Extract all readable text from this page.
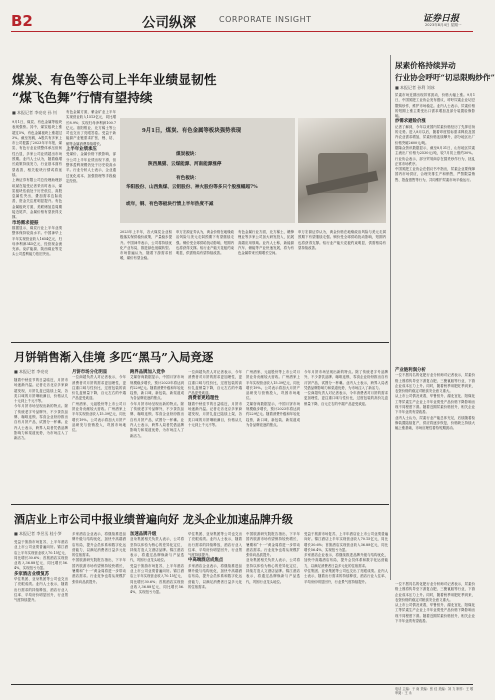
B2	公司纵深	CORPORATE INSIGHT	证券日报
2023年8月4日 星期一
煤炭、有色等公司上半年业绩显韧性
“煤飞色舞”行情有望持续
■ 本报记者 李亮亮 孙 钊
9月1日，煤炭、有色金属等板块表现强势。其中，煤炭板块上涨超过5%，有色金属板块上涨超过3%。截至发稿，A股共有多家上市公司披露了2023年半年报，煤炭、有色行业业绩整体承压但韧性凸显，多家公司业绩超出市场预期。业内人士认为，随着稳增长政策持续发力，行业基本面有望改善，相关板块行情或将延续。
上海证券有限公司总经理助理彭坦斌在接受记者采访时表示，煤炭板块估值处于历史低位，高股息属性突出，叠加需求边际改善，资金关注度明显提升。有色金属板块方面，美联储加息周期接近尾声，金属价格有望获得支撑。
市场需求提振
数据显示，煤炭行业上半年业绩整体保持较高水平。中国神华上半年实现营业收入1654亿元，归母净利润345亿元，经营现金流充沛。兖矿能源、陕西煤业等龙头公司盈利能力依旧突出。
有色金属方面，紫金矿业上半年实现营业收入1513亿元，同比增长8.9%；实现归母净利润100.7亿元。洛阳钼业、北方稀土等公司也交出了亮眼答卷。受益于新能源产业链需求扩张，锂、钴、铜等金属消费持续增长。
上半年业绩承压
受煤价、金属价格下跌影响，部分公司上半年业绩出现下滑，但整体盈利规模仍处于历史较高水平。行业分析人士表示，企业通过优化成本、加强管理等手段稳定经营。
9月1日，煤炭、有色金属等板块强势表现
煤炭板块：
陕西黑猫、云煤能源、河南能源涨停
有色板块：
华阳股份、山西焦煤、云铝股份、神火股份等多只个股涨幅超7%
或年，铜、有色等板块行情上半年热度不减
2023年上半年，各大煤炭企业积极落实保供稳价政策，产量稳步提升。中国神华表示，公司将持续优化产业布局，推进绿色低碳转型。市场普遍认为，随着下游需求回暖，煤价有望企稳。
申万宏源证券认为，黄金价格在地缘政治风险与美元走弱预期下有望继续走强。铜价受全球供给扰动影响，短期内也将获得支撑。铝行业产能天花板约束明显，供需格局有望持续改善。
有色金属行业方面，北方稀土、赣锋锂业等多家公司加大研发投入，拓展高端应用领域。业内人士称，新能源汽车、储能等产业快速发展，将为有色金属带来长期增长空间。
申万宏源证券认为，黄金价格在地缘政治风险与美元走弱预期下有望继续走强。铜价受全球供给扰动影响，短期内也将获得支撑。铝行业产能天花板约束明显，供需格局有望持续改善。
尿素价格持续异动
行业协会呼吁“切忌限购炒作”
■ 本报记者 孙利 刘冰
尿素市场近期出现异常波动，价格大幅上涨。9月1日，中国氮肥工业协会发布倡议，呼吁尿素企业切忌限购炒作，维护市场稳定。业内人士表示，尿素价格的短期上涨主要受出口需求增加及部分装置检修影响。
炒需求避险价涨
记者了解到，今年以来国内尿素价格经历了先抑后扬的走势。进入8月以后，随着印度招标需求释放及国内农业需求增加，尿素价格连续攀升，部分地区出厂价格突破2600元/吨。
据隆众资讯数据显示，截至8月31日，山东地区尿素主流出厂价格为2530元/吨，较7月初上涨约30%。行业协会表示，部分贸易商存在囤货炒作行为，扰乱正常市场秩序。
中国氮肥工业协会在倡议书中指出，尿素企业要保障国内市场供应，合理安排生产和销售，严禁限量销售、捂盘惜售等行为，共同维护尿素市场平稳运行。
产业链利润分析
一位不愿具名的化肥行业分析师对记者表示，尿素价格上涨将传导至下游复合肥、三聚氰胺等行业，下游企业成本压力上升。同时，随着秋季用肥旺季到来，农资价格的稳定对粮食安全意义重大。
从上市公司情况来看，华鲁恒升、湖北宜化、阳煤化工等尿素生产企业上半年业绩受产品价格下降影响出现不同程度下滑。随着近期尿素价格回升，相关企业下半年业绩有望改善。
业内人士认为，尿素行业产能总体充足，后续随着检修装置陆续复产，供应将逐步恢复，价格缺乏持续大幅上涨基础，市场应理性看待短期波动。
月饼销售渐入佳境 多匹“黑马”入局竞逐
■ 本报记者 李亮亮
随着中秋佳节的日益临近，月饼市场逐渐升温。记者走访北京多家商超发现，月饼礼盒已陆续上架，各类口味的月饼琳琅满目，价格从几十元到上千元不等。
今年月饼市场呈现出新的特点。除了传统老字号品牌外，不少茶饮品牌、咖啡连锁、零食企业纷纷推出自有月饼产品，试图分一杯羹。业内人士表示，跨界入局者凭借品牌影响力和渠道优势，为市场注入了新活力。
月饼市场分化明显
一位商超负责人对记者表示，今年消费者对月饼的需求更加理性，更注重口味与性价比，过度包装的高价礼盒销量下降，百元左右的中端产品更受欢迎。
广州酒家、元祖股份等上市公司月饼业务贡献较大营收。广州酒家上半年实现营业收入15.39亿元，同比增长19%。公司表示将加大月饼产品研发与营销投入，巩固市场地位。
跨界品牌加入竞争
艾媒咨询数据显示，中国月饼市场规模稳步增长，预计2023年将达到约229亿元。随着消费升级和年轻化趋势，新口味、新包装、新渠道成为各品牌竞逐的焦点。
今年月饼市场呈现出新的特点。除了传统老字号品牌外，不少茶饮品牌、咖啡连锁、零食企业纷纷推出自有月饼产品，试图分一杯羹。业内人士表示，跨界入局者凭借品牌影响力和渠道优势，为市场注入了新活力。
一位商超负责人对记者表示，今年消费者对月饼的需求更加理性，更注重口味与性价比，过度包装的高价礼盒销量下降，百元左右的中端产品更受欢迎。
消费者更趋理性
随着中秋佳节的日益临近，月饼市场逐渐升温。记者走访北京多家商超发现，月饼礼盒已陆续上架，各类口味的月饼琳琅满目，价格从几十元到上千元不等。
广州酒家、元祖股份等上市公司月饼业务贡献较大营收。广州酒家上半年实现营业收入15.39亿元，同比增长19%。公司表示将加大月饼产品研发与营销投入，巩固市场地位。
艾媒咨询数据显示，中国月饼市场规模稳步增长，预计2023年将达到约229亿元。随着消费升级和年轻化趋势，新口味、新包装、新渠道成为各品牌竞逐的焦点。
今年月饼市场呈现出新的特点。除了传统老字号品牌外，不少茶饮品牌、咖啡连锁、零食企业纷纷推出自有月饼产品，试图分一杯羹。业内人士表示，跨界入局者凭借品牌影响力和渠道优势，为市场注入了新活力。
一位商超负责人对记者表示，今年消费者对月饼的需求更加理性，更注重口味与性价比，过度包装的高价礼盒销量下降，百元左右的中端产品更受欢迎。
酒店业上市公司中报业绩普遍向好 龙头企业加速品牌升级
■ 本报记者 李昱丞 桂小笋
受益于旅游市场复苏，上半年酒店业上市公司业绩普遍向好。锦江酒店上半年实现营业收入70.15亿元，同比增长30.6%；首旅酒店实现营业收入36.88亿元，同比增长56.4%，实现扭亏为盈。
多家酒店业绩复苏
华住集团、亚朵集团等公司也交出了亮眼成绩。业内人士表示，随着出行需求的持续释放，酒店行业入住率、平均房价明显回升，行业景气度持续提升。
多家酒店企业表示，将继续推进品牌升级与结构优化，加快中高端酒店布局，提升会员体系和数字化运营能力，以满足消费者日益多元化的住宿需求。
中国旅游研究院报告指出，下半年国内旅游市场有望保持较快增长，暑期和“十一”黄金周将进一步带动酒店需求。行业竞争也将从规模扩张转向品质提升。
加速品牌升级
亚朵集团相关负责人表示，公司将坚持以体验为核心的差异化定位，持续打造人文酒店品牌。锦江酒店表示，将通过品牌焕新与产品迭代，巩固行业龙头地位。
受益于旅游市场复苏，上半年酒店业上市公司业绩普遍向好。锦江酒店上半年实现营业收入70.15亿元，同比增长30.6%；首旅酒店实现营业收入36.88亿元，同比增长56.4%，实现扭亏为盈。
华住集团、亚朵集团等公司也交出了亮眼成绩。业内人士表示，随着出行需求的持续释放，酒店行业入住率、平均房价明显回升，行业景气度持续提升。
中高端酒店成焦点
多家酒店企业表示，将继续推进品牌升级与结构优化，加快中高端酒店布局，提升会员体系和数字化运营能力，以满足消费者日益多元化的住宿需求。
中国旅游研究院报告指出，下半年国内旅游市场有望保持较快增长，暑期和“十一”黄金周将进一步带动酒店需求。行业竞争也将从规模扩张转向品质提升。
亚朵集团相关负责人表示，公司将坚持以体验为核心的差异化定位，持续打造人文酒店品牌。锦江酒店表示，将通过品牌焕新与产品迭代，巩固行业龙头地位。
受益于旅游市场复苏，上半年酒店业上市公司业绩普遍向好。锦江酒店上半年实现营业收入70.15亿元，同比增长30.6%；首旅酒店实现营业收入36.88亿元，同比增长56.4%，实现扭亏为盈。
多家酒店企业表示，将继续推进品牌升级与结构优化，加快中高端酒店布局，提升会员体系和数字化运营能力，以满足消费者日益多元化的住宿需求。
华住集团、亚朵集团等公司也交出了亮眼成绩。业内人士表示，随着出行需求的持续释放，酒店行业入住率、平均房价明显回升，行业景气度持续提升。
一位不愿具名的化肥行业分析师对记者表示，尿素价格上涨将传导至下游复合肥、三聚氰胺等行业，下游企业成本压力上升。同时，随着秋季用肥旺季到来，农资价格的稳定对粮食安全意义重大。
从上市公司情况来看，华鲁恒升、湖北宜化、阳煤化工等尿素生产企业上半年业绩受产品价格下降影响出现不同程度下滑。随着近期尿素价格回升，相关企业下半年业绩有望改善。
电话 主编：于 南 责编：张 佳 美编：刘 力 制作：王 敬 审阅：王 永
